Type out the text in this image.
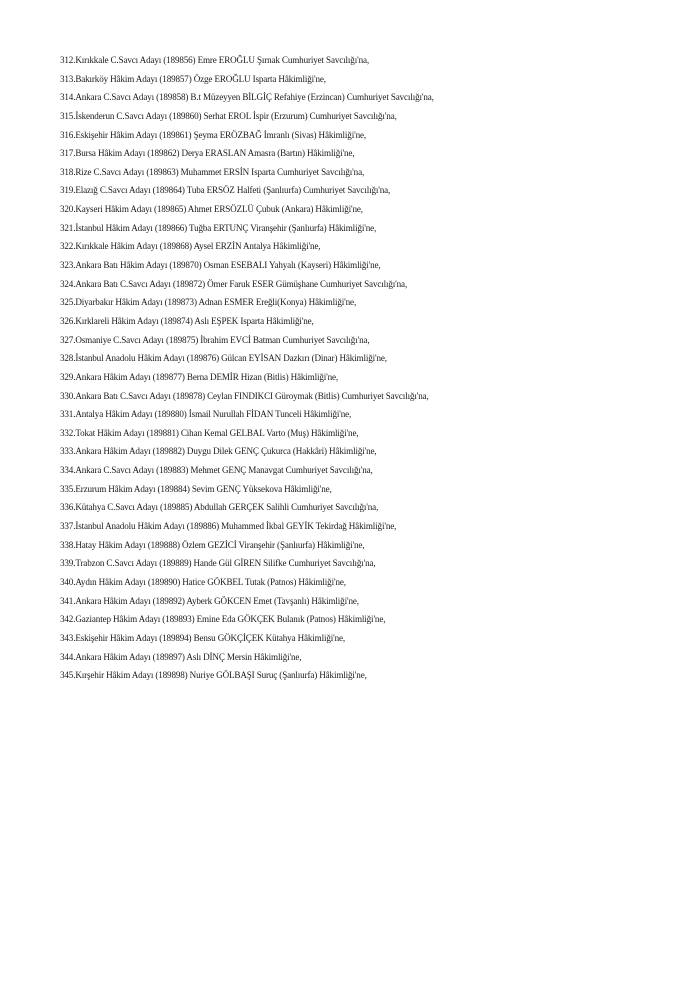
312.Kırıkkale C.Savcı Adayı (189856) Emre EROĞLU Şırnak Cumhuriyet Savcılığı'na,
313.Bakırköy Hâkim Adayı (189857) Özge EROĞLU Isparta Hâkimliği'ne,
314.Ankara C.Savcı Adayı (189858) B.t Müzeyyen BİLGİÇ Refahiye (Erzincan) Cumhuriyet Savcılığı'na,
315.İskenderun C.Savcı Adayı (189860) Serhat EROL İspir (Erzurum) Cumhuriyet Savcılığı'na,
316.Eskişehir Hâkim Adayı (189861) Şeyma ERÖZBAĞ İmranlı (Sivas) Hâkimliği'ne,
317.Bursa Hâkim Adayı (189862) Derya ERASLAN Amasra (Bartın) Hâkimliği'ne,
318.Rize C.Savcı Adayı (189863) Muhammet ERSİN Isparta Cumhuriyet Savcılığı'na,
319.Elazığ C.Savcı Adayı (189864) Tuba ERSÖZ Halfeti (Şanlıurfa) Cumhuriyet Savcılığı'na,
320.Kayseri Hâkim Adayı (189865) Ahmet ERSÖZLÜ Çubuk (Ankara) Hâkimliği'ne,
321.İstanbul Hâkim Adayı (189866) Tuğba ERTUNÇ Viranşehir (Şanlıurfa) Hâkimliği'ne,
322.Kırıkkale Hâkim Adayı (189868) Aysel ERZİN Antalya Hâkimliği'ne,
323.Ankara Batı Hâkim Adayı (189870) Osman ESEBALI Yahyalı (Kayseri) Hâkimliği'ne,
324.Ankara Batı C.Savcı Adayı (189872) Ömer Faruk ESER Gümüşhane Cumhuriyet Savcılığı'na,
325.Diyarbakır Hâkim Adayı (189873) Adnan ESMER Ereğli(Konya) Hâkimliği'ne,
326.Kırklareli Hâkim Adayı (189874) Aslı EŞPEK Isparta Hâkimliği'ne,
327.Osmaniye C.Savcı Adayı (189875) İbrahim EVCİ Batman Cumhuriyet Savcılığı'na,
328.İstanbul Anadolu Hâkim Adayı (189876) Gülcan EYİSAN Dazkırı (Dinar) Hâkimliği'ne,
329.Ankara Hâkim Adayı (189877) Berna DEMİR Hizan (Bitlis) Hâkimliği'ne,
330.Ankara Batı C.Savcı Adayı (189878) Ceylan FINDIKCI Güroymak (Bitlis) Cumhuriyet Savcılığı'na,
331.Antalya Hâkim Adayı (189880) İsmail Nurullah FİDAN Tunceli Hâkimliği'ne,
332.Tokat Hâkim Adayı (189881) Cihan Kemal GELBAL Varto (Muş) Hâkimliği'ne,
333.Ankara Hâkim Adayı (189882) Duygu Dilek GENÇ Çukurca (Hakkâri) Hâkimliği'ne,
334.Ankara C.Savcı Adayı (189883) Mehmet GENÇ Manavgat Cumhuriyet Savcılığı'na,
335.Erzurum Hâkim Adayı (189884) Sevim GENÇ Yüksekova Hâkimliği'ne,
336.Kütahya C.Savcı Adayı (189885) Abdullah GERÇEK Salihli Cumhuriyet Savcılığı'na,
337.İstanbul Anadolu Hâkim Adayı (189886) Muhammed İkbal GEYİK Tekirdağ Hâkimliği'ne,
338.Hatay Hâkim Adayı (189888) Özlem GEZİCİ Viranşehir (Şanlıurfa) Hâkimliği'ne,
339.Trabzon C.Savcı Adayı (189889) Hande Gül GİREN Silifke Cumhuriyet Savcılığı'na,
340.Aydın Hâkim Adayı (189890) Hatice GÖKBEL Tutak (Patnos) Hâkimliği'ne,
341.Ankara Hâkim Adayı (189892) Ayberk GÖKCEN Emet (Tavşanlı) Hâkimliği'ne,
342.Gaziantep Hâkim Adayı (189893) Emine Eda GÖKÇEK Bulanık (Patnos) Hâkimliği'ne,
343.Eskişehir Hâkim Adayı (189894) Bensu GÖKÇİÇEK Kütahya Hâkimliği'ne,
344.Ankara Hâkim Adayı (189897) Aslı DİNÇ Mersin Hâkimliği'ne,
345.Kırşehir Hâkim Adayı (189898) Nuriye GÖLBAŞI Suruç (Şanlıurfa) Hâkimliği'ne,
